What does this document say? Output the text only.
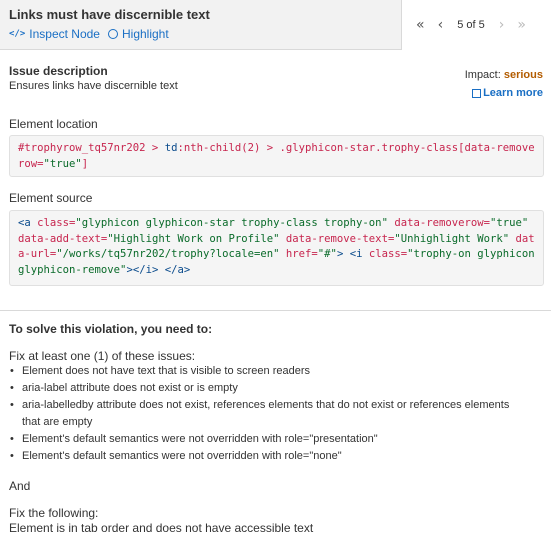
Links must have discernible text
</> Inspect Node Highlight
« ‹ 5 of 5 › »
Issue description
Ensures links have discernible text
Impact: serious
Learn more
Element location
#trophyrow_tq57nr202 > td:nth-child(2) > .glyphicon-star.trophy-class[data-removerow="true"]
Element source
<a class="glyphicon glyphicon-star trophy-class trophy-on" data-removerow="true" data-add-text="Highlight Work on Profile" data-remove-text="Unhighlight Work" data-url="/works/tq57nr202/trophy?locale=en" href="#"> <i class="trophy-on glyphicon glyphicon-remove"></i> </a>
To solve this violation, you need to:
Fix at least one (1) of these issues:
• Element does not have text that is visible to screen readers
• aria-label attribute does not exist or is empty
• aria-labelledby attribute does not exist, references elements that do not exist or references elements that are empty
• Element's default semantics were not overridden with role="presentation"
• Element's default semantics were not overridden with role="none"
And
Fix the following:
Element is in tab order and does not have accessible text
